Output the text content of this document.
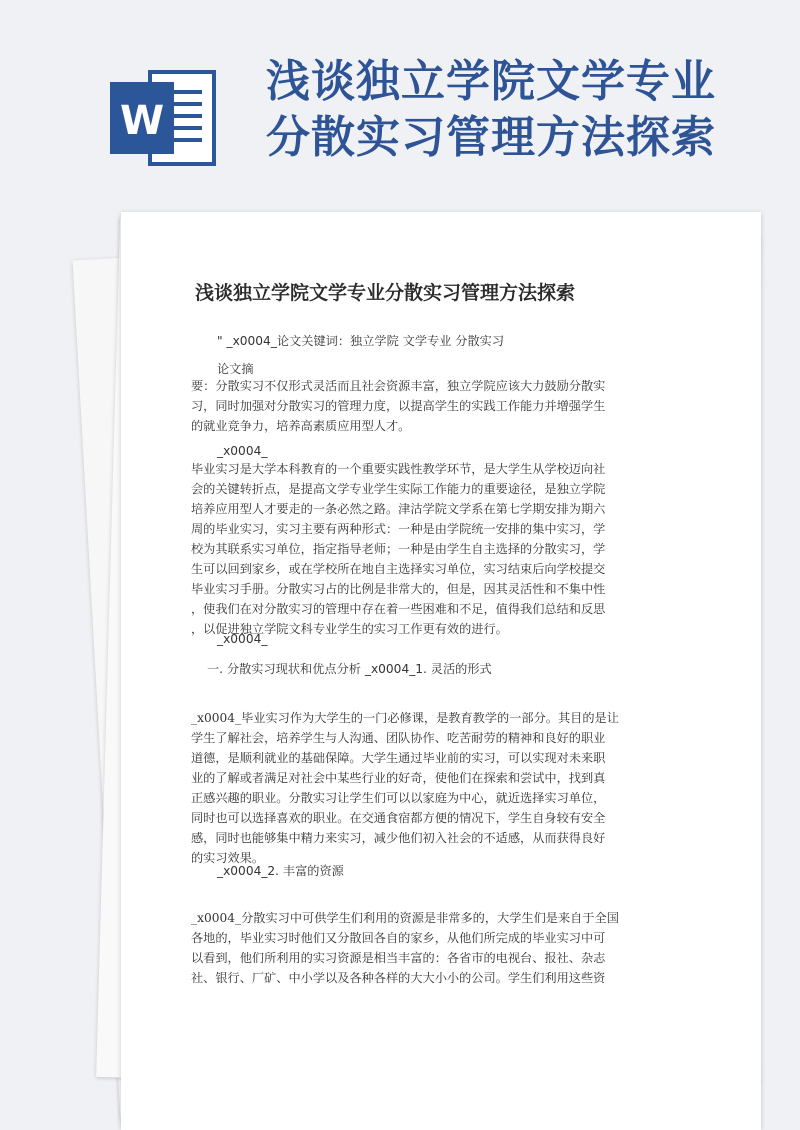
W
浅谈独立学院文学专业
分散实习管理方法探索
浅谈独立学院文学专业分散实习管理方法探索
" _x0004_论文关键词：独立学院 文学专业 分散实习
论文摘
要：分散实习不仅形式灵活而且社会资源丰富，独立学院应该大力鼓励分散实
习，同时加强对分散实习的管理力度，以提高学生的实践工作能力并增强学生
的就业竞争力，培养高素质应用型人才。
_x0004_
毕业实习是大学本科教育的一个重要实践性教学环节，是大学生从学校迈向社
会的关键转折点，是提高文学专业学生实际工作能力的重要途径，是独立学院
培养应用型人才要走的一条必然之路。津沽学院文学系在第七学期安排为期六
周的毕业实习，实习主要有两种形式：一种是由学院统一安排的集中实习，学
校为其联系实习单位，指定指导老师；一种是由学生自主选择的分散实习，学
生可以回到家乡，或在学校所在地自主选择实习单位，实习结束后向学校提交
毕业实习手册。分散实习占的比例是非常大的，但是，因其灵活性和不集中性
，使我们在对分散实习的管理中存在着一些困难和不足，值得我们总结和反思
，以促进独立学院文科专业学生的实习工作更有效的进行。
_x0004_
一. 分散实习现状和优点分析 _x0004_1. 灵活的形式
_x0004_毕业实习作为大学生的一门必修课，是教育教学的一部分。其目的是让
学生了解社会，培养学生与人沟通、团队协作、吃苦耐劳的精神和良好的职业
道德，是顺利就业的基础保障。大学生通过毕业前的实习，可以实现对未来职
业的了解或者满足对社会中某些行业的好奇，使他们在探索和尝试中，找到真
正感兴趣的职业。分散实习让学生们可以以家庭为中心，就近选择实习单位，
同时也可以选择喜欢的职业。在交通食宿都方便的情况下，学生自身较有安全
感，同时也能够集中精力来实习，减少他们初入社会的不适感，从而获得良好
的实习效果。
_x0004_2. 丰富的资源
_x0004_分散实习中可供学生们利用的资源是非常多的，大学生们是来自于全国
各地的，毕业实习时他们又分散回各自的家乡，从他们所完成的毕业实习中可
以看到，他们所利用的实习资源是相当丰富的：各省市的电视台、报社、杂志
社、银行、厂矿、中小学以及各种各样的大大小小的公司。学生们利用这些资
